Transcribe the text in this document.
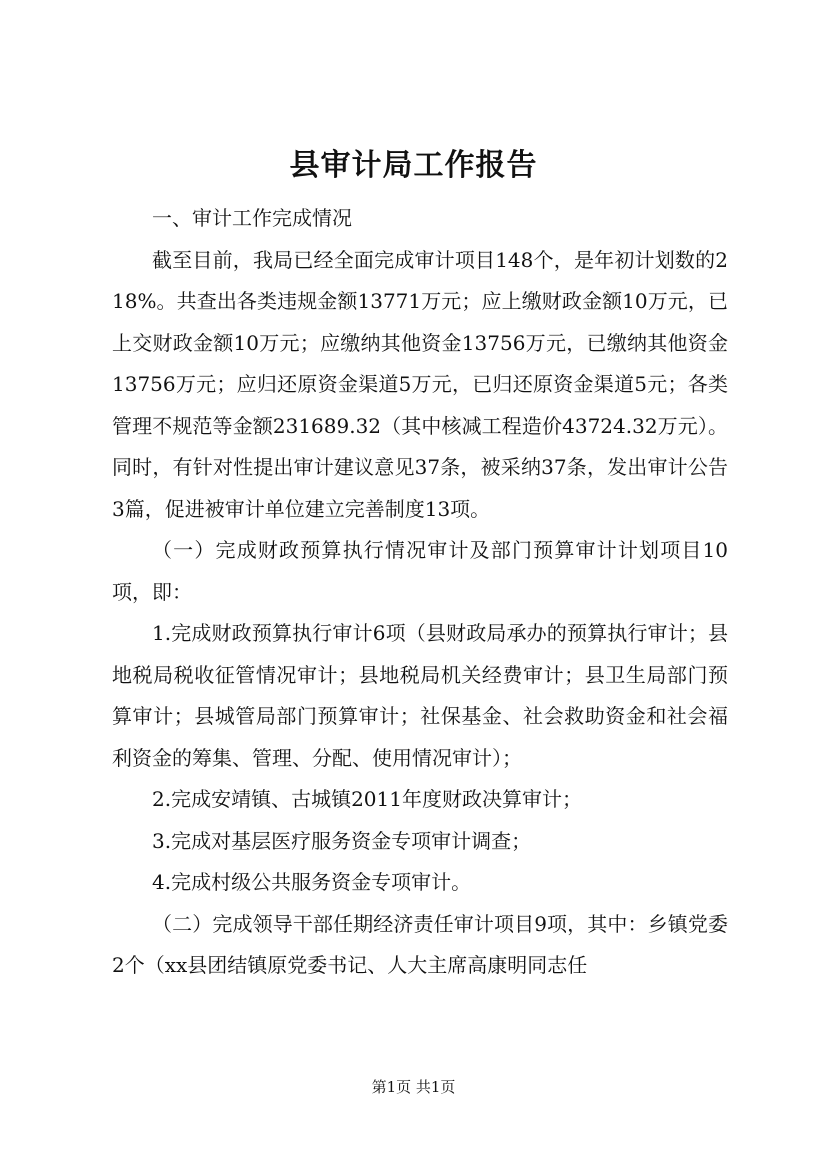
县审计局工作报告

一、审计工作完成情况

截至目前，我局已经全面完成审计项目148个，是年初计划数的218%。共查出各类违规金额13771万元；应上缴财政金额10万元，已上交财政金额10万元；应缴纳其他资金13756万元，已缴纳其他资金13756万元；应归还原资金渠道5万元，已归还原资金渠道5元；各类管理不规范等金额231689.32（其中核减工程造价43724.32万元）。同时，有针对性提出审计建议意见37条，被采纳37条，发出审计公告3篇，促进被审计单位建立完善制度13项。

（一）完成财政预算执行情况审计及部门预算审计计划项目10项，即：

1.完成财政预算执行审计6项（县财政局承办的预算执行审计；县地税局税收征管情况审计；县地税局机关经费审计；县卫生局部门预算审计；县城管局部门预算审计；社保基金、社会救助资金和社会福利资金的筹集、管理、分配、使用情况审计）；

2.完成安靖镇、古城镇2011年度财政决算审计；

3.完成对基层医疗服务资金专项审计调查；

4.完成村级公共服务资金专项审计。

（二）完成领导干部任期经济责任审计项目9项，其中：乡镇党委2个（xx县团结镇原党委书记、人大主席高康明同志任

第1页 共1页
